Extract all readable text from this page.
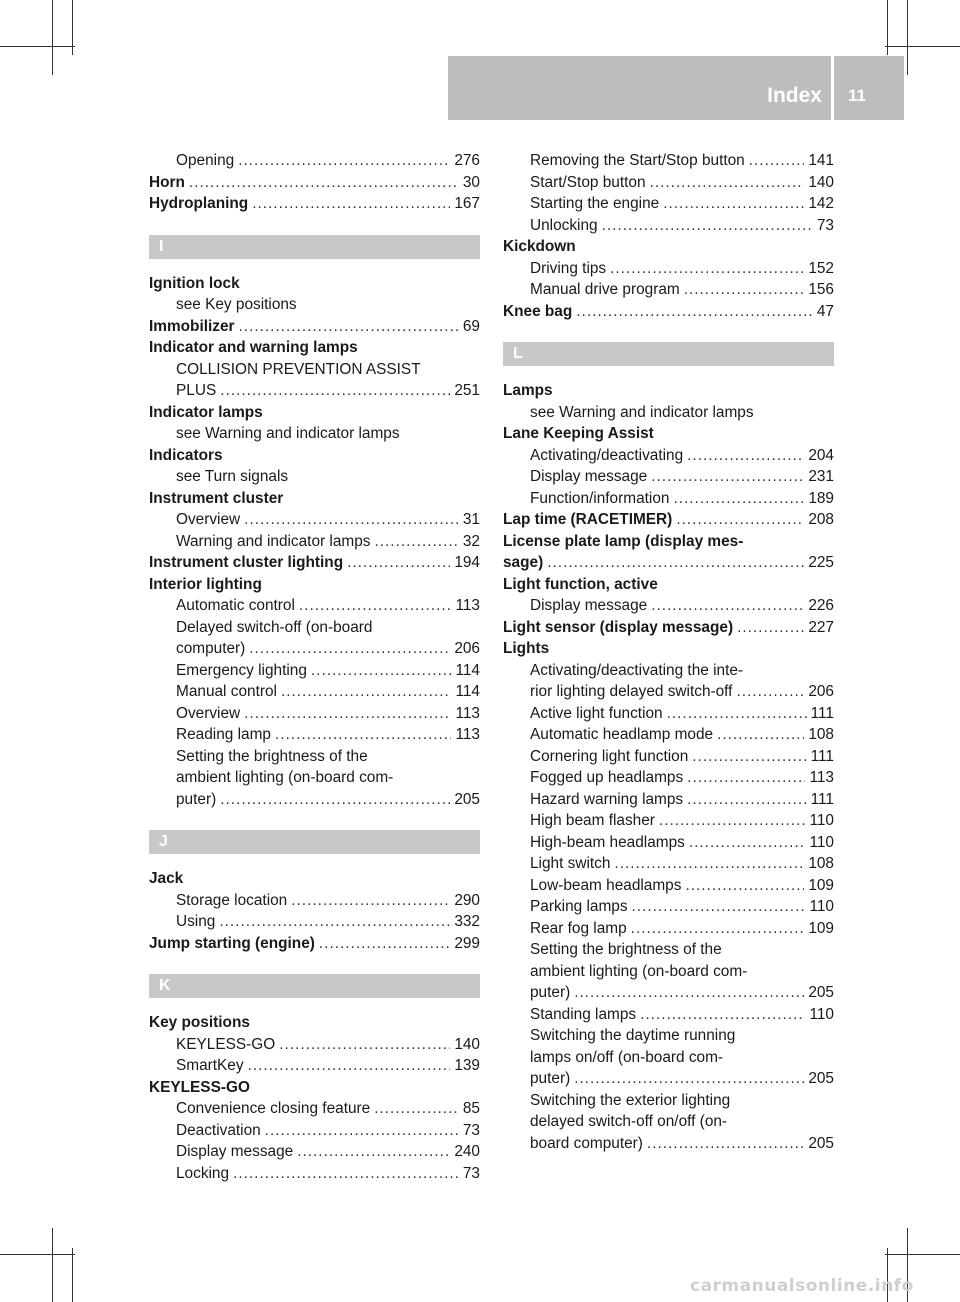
Index 11
Opening .....	276
Horn .....	30
Hydroplaning .....	167
I
Ignition lock
see Key positions
Immobilizer .....	69
Indicator and warning lamps
COLLISION PREVENTION ASSIST
PLUS .....	251
Indicator lamps
see Warning and indicator lamps
Indicators
see Turn signals
Instrument cluster
Overview .....	31
Warning and indicator lamps .....	32
Instrument cluster lighting .....	194
Interior lighting
Automatic control .....	113
Delayed switch-off (on-board
computer) .....	206
Emergency lighting .....	114
Manual control .....	114
Overview .....	113
Reading lamp .....	113
Setting the brightness of the
ambient lighting (on-board com-
puter) .....	205
J
Jack
Storage location .....	290
Using .....	332
Jump starting (engine) .....	299
K
Key positions
KEYLESS-GO .....	140
SmartKey .....	139
KEYLESS-GO
Convenience closing feature .....	85
Deactivation .....	73
Display message .....	240
Locking .....	73
Removing the Start/Stop button .....	141
Start/Stop button .....	140
Starting the engine .....	142
Unlocking .....	73
Kickdown
Driving tips .....	152
Manual drive program .....	156
Knee bag .....	47
L
Lamps
see Warning and indicator lamps
Lane Keeping Assist
Activating/deactivating .....	204
Display message .....	231
Function/information .....	189
Lap time (RACETIMER) .....	208
License plate lamp (display mes-
sage) .....	225
Light function, active
Display message .....	226
Light sensor (display message) .....	227
Lights
Activating/deactivating the inte-
rior lighting delayed switch-off .....	206
Active light function .....	111
Automatic headlamp mode .....	108
Cornering light function .....	111
Fogged up headlamps .....	113
Hazard warning lamps .....	111
High beam flasher .....	110
High-beam headlamps .....	110
Light switch .....	108
Low-beam headlamps .....	109
Parking lamps .....	110
Rear fog lamp .....	109
Setting the brightness of the
ambient lighting (on-board com-
puter) .....	205
Standing lamps .....	110
Switching the daytime running
lamps on/off (on-board com-
puter) .....	205
Switching the exterior lighting
delayed switch-off on/off (on-
board computer) .....	205
carmanualsonline.info
